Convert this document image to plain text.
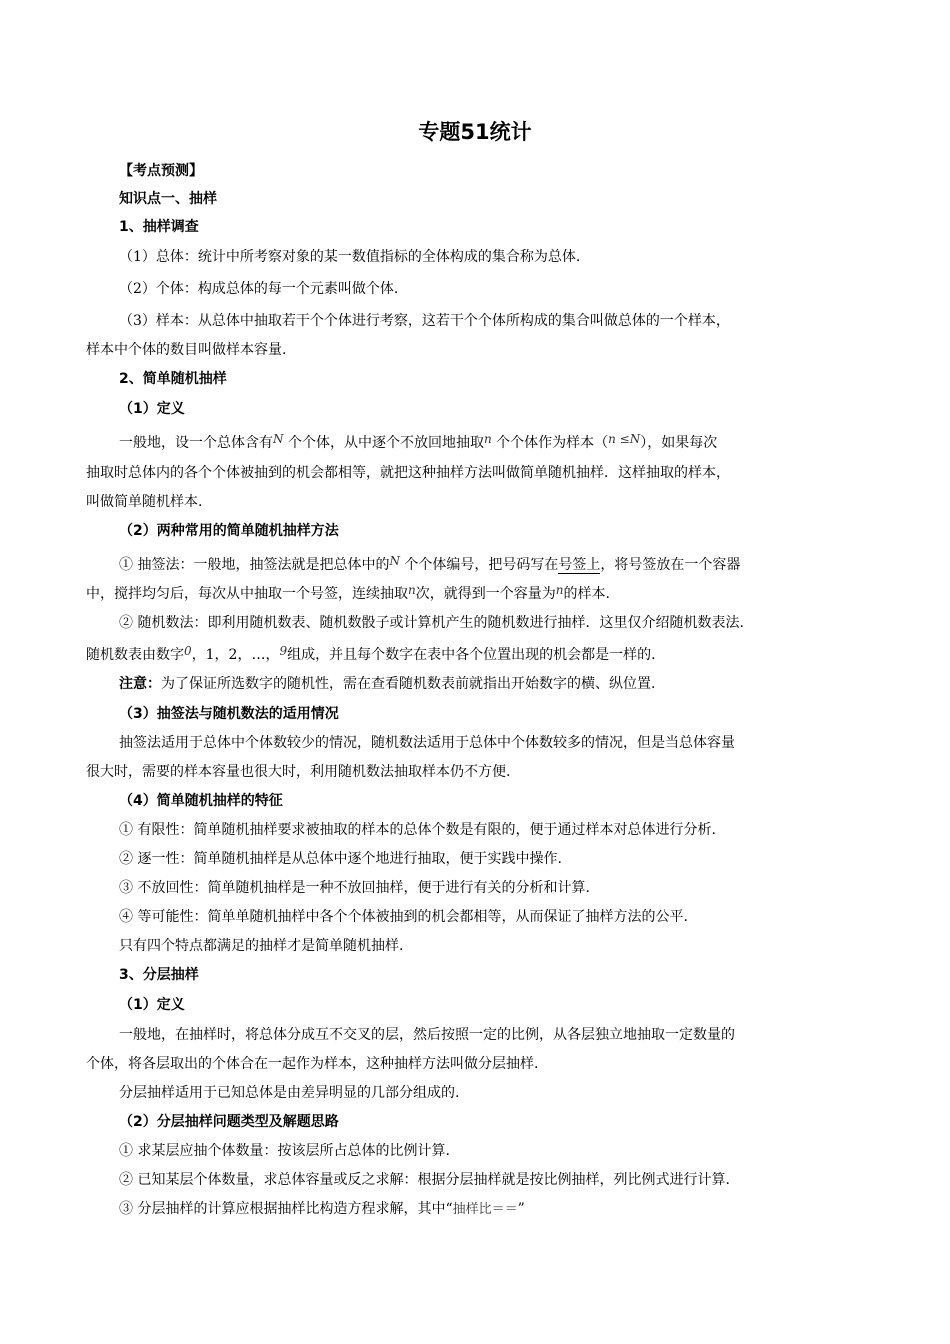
专题51统计
【考点预测】
知识点一、抽样
1、抽样调查
（1）总体：统计中所考察对象的某一数值指标的全体构成的集合称为总体.
（2）个体：构成总体的每一个元素叫做个体.
（3）样本：从总体中抽取若干个个体进行考察，这若干个个体所构成的集合叫做总体的一个样本，
样本中个体的数目叫做样本容量.
2、简单随机抽样
（1）定义
一般地，设一个总体含有N 个个体，从中逐个不放回地抽取n 个个体作为样本（n ≤N），如果每次
抽取时总体内的各个个体被抽到的机会都相等，就把这种抽样方法叫做简单随机抽样．这样抽取的样本，
叫做简单随机样本.
（2）两种常用的简单随机抽样方法
① 抽签法：一般地，抽签法就是把总体中的N 个个体编号，把号码写在号签上，将号签放在一个容器
中，搅拌均匀后，每次从中抽取一个号签，连续抽取n次，就得到一个容量为n的样本.
② 随机数法：即利用随机数表、随机数骰子或计算机产生的随机数进行抽样．这里仅介绍随机数表法.
随机数表由数字0，1，2，…，9组成，并且每个数字在表中各个位置出现的机会都是一样的.
注意：为了保证所选数字的随机性，需在查看随机数表前就指出开始数字的横、纵位置.
（3）抽签法与随机数法的适用情况
抽签法适用于总体中个体数较少的情况，随机数法适用于总体中个体数较多的情况，但是当总体容量
很大时，需要的样本容量也很大时，利用随机数法抽取样本仍不方便.
（4）简单随机抽样的特征
① 有限性：简单随机抽样要求被抽取的样本的总体个数是有限的，便于通过样本对总体进行分析.
② 逐一性：简单随机抽样是从总体中逐个地进行抽取，便于实践中操作.
③ 不放回性：简单随机抽样是一种不放回抽样，便于进行有关的分析和计算.
④ 等可能性：简单单随机抽样中各个个体被抽到的机会都相等，从而保证了抽样方法的公平.
只有四个特点都满足的抽样才是简单随机抽样.
3、分层抽样
（1）定义
一般地，在抽样时，将总体分成互不交叉的层，然后按照一定的比例，从各层独立地抽取一定数量的
个体，将各层取出的个体合在一起作为样本，这种抽样方法叫做分层抽样.
分层抽样适用于已知总体是由差异明显的几部分组成的.
（2）分层抽样问题类型及解题思路
① 求某层应抽个体数量：按该层所占总体的比例计算.
② 已知某层个体数量，求总体容量或反之求解：根据分层抽样就是按比例抽样，列比例式进行计算.
③ 分层抽样的计算应根据抽样比构造方程求解，其中“抽样比＝＝”
